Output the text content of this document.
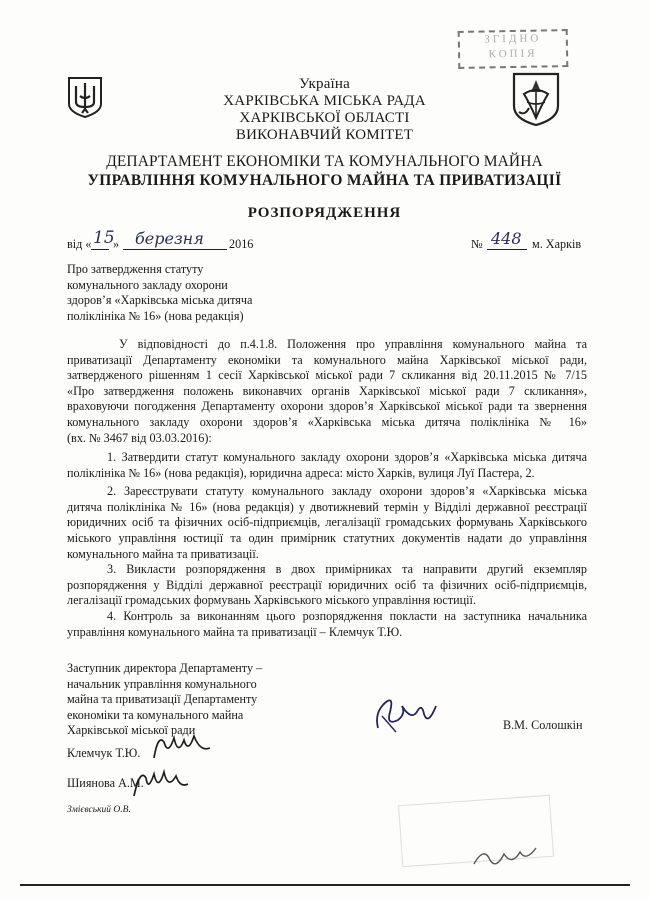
ЗГІДНО
КОПІЯ
Україна
ХАРКІВСЬКА МІСЬКА РАДА
ХАРКІВСЬКОЇ ОБЛАСТІ
ВИКОНАВЧИЙ КОМІТЕТ
ДЕПАРТАМЕНТ ЕКОНОМІКИ ТА КОМУНАЛЬНОГО МАЙНА
УПРАВЛІННЯ КОМУНАЛЬНОГО МАЙНА ТА ПРИВАТИЗАЦІЇ
РОЗПОРЯДЖЕННЯ
від « 15
» березня 2016	№ 448 м. Харків
Про затвердження статуту
комунального закладу охорони
здоров’я «Харківська міська дитяча
поліклініка № 16» (нова редакція)
У відповідності до п.4.1.8. Положення про управління комунального майна та
приватизації Департаменту економіки та комунального майна Харківської міської ради,
затвердженого рішенням 1 сесії Харківської міської ради 7 скликання від 20.11.2015 № 7/15
«Про затвердження положень виконавчих органів Харківської міської ради 7 скликання»,
враховуючи погодження Департаменту охорони здоров’я Харківської міської ради та звернення
комунального закладу охорони здоров’я «Харківська міська дитяча поліклініка № 16»
(вх. № 3467 від 03.03.2016):
1. Затвердити статут комунального закладу охорони здоров’я «Харківська міська дитяча
поліклініка № 16» (нова редакція), юридична адреса: місто Харків, вулиця Луї Пастера, 2.
2. Зареєструвати статуту комунального закладу охорони здоров’я «Харківська міська
дитяча поліклініка № 16» (нова редакція) у двотижневий термін у Відділі державної реєстрації
юридичних осіб та фізичних осіб-підприємців, легалізації громадських формувань Харківського
міського управління юстиції та один примірник статутних документів надати до управління
комунального майна та приватизації.
3. Викласти розпорядження в двох примірниках та направити другий екземпляр
розпорядження у Відділі державної реєстрації юридичних осіб та фізичних осіб-підприємців,
легалізації громадських формувань Харківського міського управління юстиції.
4. Контроль за виконанням цього розпорядження покласти на заступника начальника
управління комунального майна та приватизації – Клемчук Т.Ю.
Заступник директора Департаменту –
начальник управління комунального
майна та приватизації Департаменту
економіки та комунального майна
Харківської міської ради	В.М. Солошкін
Клемчук Т.Ю.
Шиянова А.М.
Змієвський О.В.
